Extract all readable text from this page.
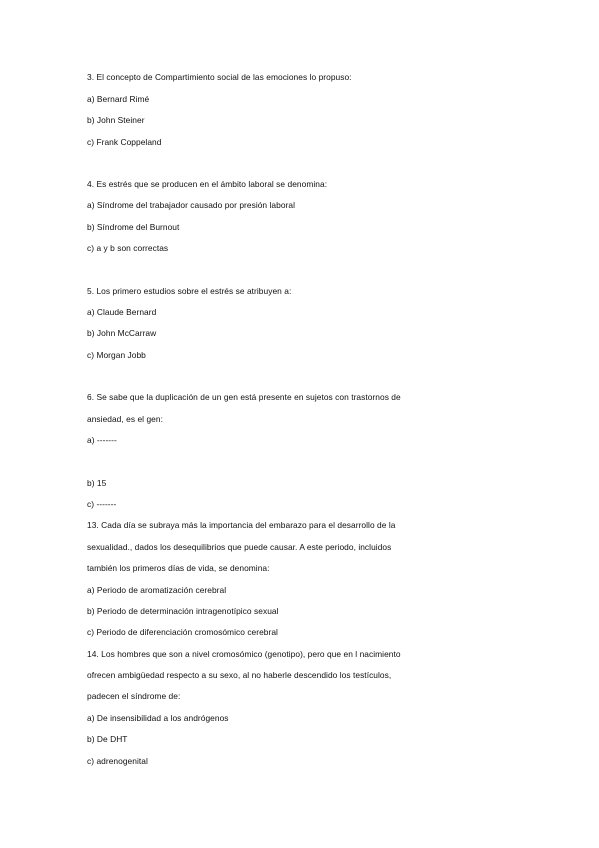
3. El concepto de Compartimiento social de las emociones lo propuso:
a) Bernard Rimé
b) John Steiner
c) Frank Coppeland
4. Es estrés que se producen en el ámbito laboral se denomina:
a) Síndrome del trabajador causado por presión laboral
b) Síndrome del Burnout
c) a y b son correctas
5. Los primero estudios sobre el estrés se atribuyen a:
a) Claude Bernard
b) John McCarraw
c) Morgan Jobb
6. Se sabe que la duplicación de un gen está presente en sujetos con trastornos de
ansiedad, es el gen:
a) -------
b) 15
c) -------
13. Cada día se subraya más la importancia del embarazo para el desarrollo de la
sexualidad., dados los desequilibrios que puede causar. A este periodo, incluidos
también los primeros días de vida, se denomina:
a) Periodo de aromatización cerebral
b) Periodo de determinación intragenotípico sexual
c) Periodo de diferenciación cromosómico cerebral
14. Los hombres que son a nivel cromosómico (genotipo), pero que en l nacimiento
ofrecen ambigüedad respecto a su sexo, al no haberle descendido los testículos,
padecen el síndrome de:
a) De insensibilidad a los andrógenos
b) De DHT
c) adrenogenital
